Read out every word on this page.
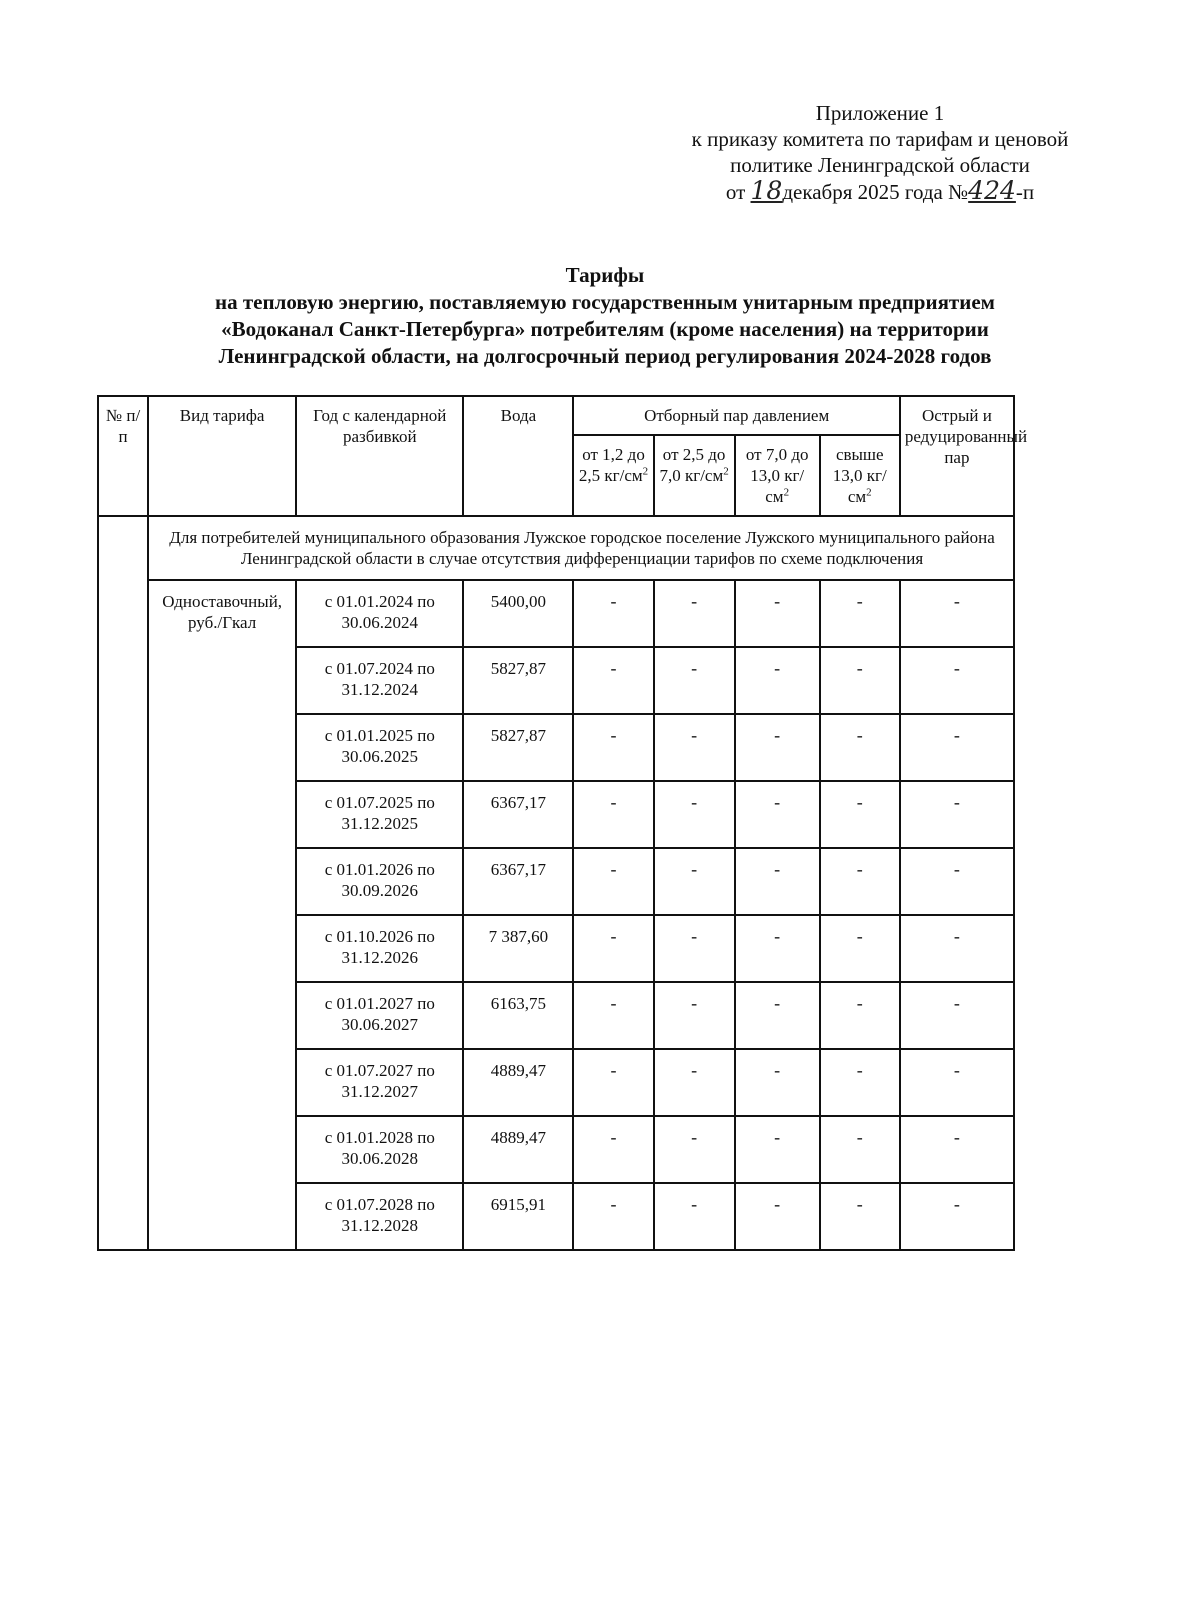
Приложение 1
к приказу комитета по тарифам и ценовой
политике Ленинградской области
от 18декабря 2025 года №424-п
Тарифы
на тепловую энергию, поставляемую государственным унитарным предприятием
«Водоканал Санкт-Петербурга» потребителям (кроме населения) на территории
Ленинградской области, на долгосрочный период регулирования 2024-2028 годов
№ п/п	Вид тарифа	Год с календарной разбивкой	Вода	Отборный пар давлением				Острый и редуцированный пар
				от 1,2 до 2,5 $кг/см^2$	от 2,5 до 7,0 $кг/см^2$	от 7,0 до 13,0 $кг/см^2$	свыше 13,0 $кг/см^2$
	Для потребителей муниципального образования Лужское городское поселение Лужского муниципального района Ленинградской области в случае отсутствия дифференциации тарифов по схеме подключения							
	Одноставочный, руб./Гкал	с 01.01.2024 по 30.06.2024	5400,00	-	-	-	-	-
		с 01.07.2024 по 31.12.2024	5827,87	-	-	-	-	-
		с 01.01.2025 по 30.06.2025	5827,87	-	-	-	-	-
		с 01.07.2025 по 31.12.2025	6367,17	-	-	-	-	-
		с 01.01.2026 по 30.09.2026	6367,17	-	-	-	-	-
		с 01.10.2026 по 31.12.2026	7 387,60	-	-	-	-	-
		с 01.01.2027 по 30.06.2027	6163,75	-	-	-	-	-
		с 01.07.2027 по 31.12.2027	4889,47	-	-	-	-	-
		с 01.01.2028 по 30.06.2028	4889,47	-	-	-	-	-
		с 01.07.2028 по 31.12.2028	6915,91	-	-	-	-	-
